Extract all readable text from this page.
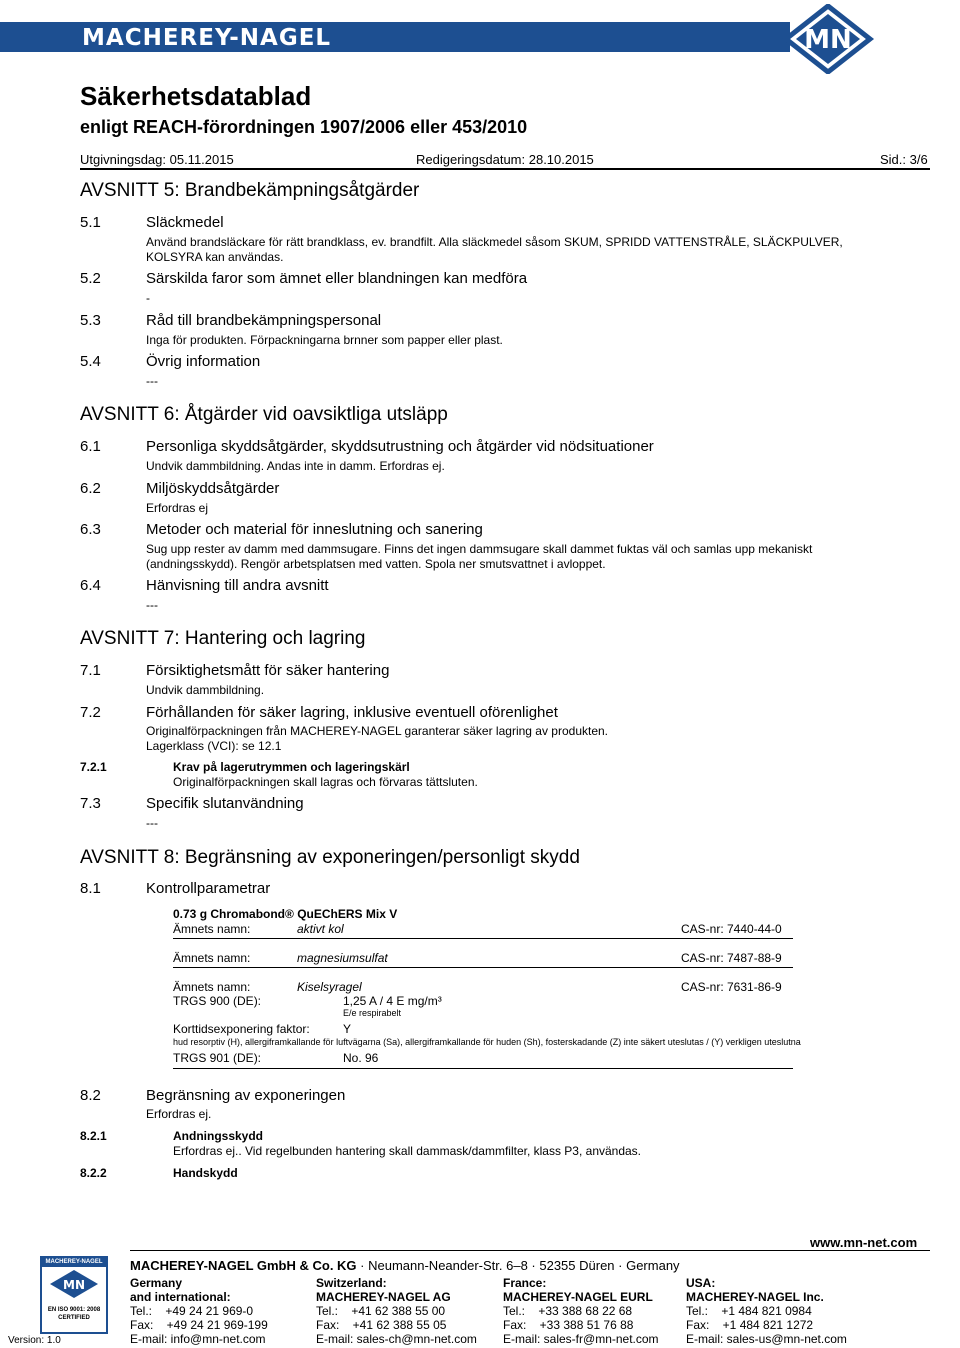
MACHEREY-NAGEL	MN
Säkerhetsdatablad
enligt REACH-förordningen 1907/2006 eller 453/2010
Utgivningsdag: 05.11.2015	Redigeringsdatum: 28.10.2015	Sid.: 3/6
AVSNITT 5: Brandbekämpningsåtgärder
5.1	Släckmedel
Använd brandsläckare för rätt brandklass, ev. brandfilt. Alla släckmedel såsom SKUM, SPRIDD VATTENSTRÅLE, SLÄCKPULVER,
KOLSYRA kan användas.
5.2	Särskilda faror som ämnet eller blandningen kan medföra
-
5.3	Råd till brandbekämpningspersonal
Inga för produkten. Förpackningarna brnner som papper eller plast.
5.4	Övrig information
---
AVSNITT 6: Åtgärder vid oavsiktliga utsläpp
6.1	Personliga skyddsåtgärder, skyddsutrustning och åtgärder vid nödsituationer
Undvik dammbildning. Andas inte in damm. Erfordras ej.
6.2	Miljöskyddsåtgärder
Erfordras ej
6.3	Metoder och material för inneslutning och sanering
Sug upp rester av damm med dammsugare. Finns det ingen dammsugare skall dammet fuktas väl och samlas upp mekaniskt
(andningsskydd). Rengör arbetsplatsen med vatten. Spola ner smutsvattnet i avloppet.
6.4	Hänvisning till andra avsnitt
---
AVSNITT 7: Hantering och lagring
7.1	Försiktighetsmått för säker hantering
Undvik dammbildning.
7.2	Förhållanden för säker lagring, inklusive eventuell oförenlighet
Originalförpackningen från MACHEREY-NAGEL garanterar säker lagring av produkten.
Lagerklass (VCI): se 12.1
7.2.1	Krav på lagerutrymmen och lageringskärl
Originalförpackningen skall lagras och förvaras tättsluten.
7.3	Specifik slutanvändning
---
AVSNITT 8: Begränsning av exponeringen/personligt skydd
8.1	Kontrollparametrar
0.73 g Chromabond® QuEChERS Mix V
Ämnets namn:	aktivt kol	CAS-nr: 7440-44-0
Ämnets namn:	magnesiumsulfat	CAS-nr: 7487-88-9
Ämnets namn:	Kiselsyragel	CAS-nr: 7631-86-9
TRGS 900 (DE):	1,25 A / 4 E mg/m³
E/e respirabelt
Korttidsexponering faktor:	Y
hud resorptiv (H), allergiframkallande för luftvägarna (Sa), allergiframkallande för huden (Sh), fosterskadande (Z) inte säkert uteslutas / (Y) verkligen uteslutna
TRGS 901 (DE):	No. 96
8.2	Begränsning av exponeringen
Erfordras ej.
8.2.1	Andningsskydd
Erfordras ej.. Vid regelbunden hantering skall dammask/dammfilter, klass P3, användas.
8.2.2	Handskydd
www.mn-net.com
MACHEREY-NAGEL GmbH & Co. KG · Neumann-Neander-Str. 6–8 · 52355 Düren · Germany
MACHEREY-NAGEL
MN
EN ISO 9001: 2008
CERTIFIED
Version: 1.0
Germany
and international:
Tel.:    +49 24 21 969-0
Fax:    +49 24 21 969-199
E-mail: info@mn-net.com
Switzerland:
MACHEREY-NAGEL AG
Tel.:    +41 62 388 55 00
Fax:    +41 62 388 55 05
E-mail: sales-ch@mn-net.com
France:
MACHEREY-NAGEL EURL
Tel.:    +33 388 68 22 68
Fax:    +33 388 51 76 88
E-mail: sales-fr@mn-net.com
USA:
MACHEREY-NAGEL Inc.
Tel.:    +1 484 821 0984
Fax:    +1 484 821 1272
E-mail: sales-us@mn-net.com
